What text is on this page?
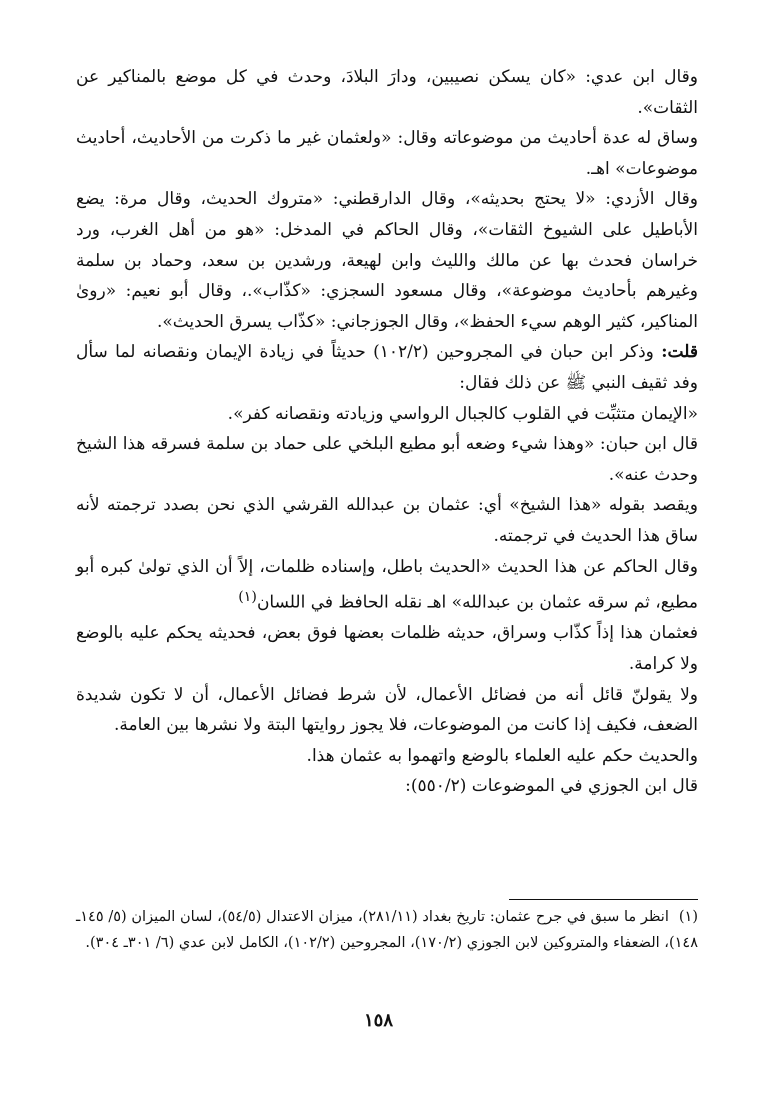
وقال ابن عدي: «كان يسكن نصيبين، ودارَ البلادَ، وحدث في كل موضع بالمناكير عن الثقات».

وساق له عدة أحاديث من موضوعاته وقال: «ولعثمان غير ما ذكرت من الأحاديث، أحاديث موضوعات» اهـ.

وقال الأزدي: «لا يحتج بحديثه»، وقال الدارقطني: «متروك الحديث، وقال مرة: يضع الأباطيل على الشيوخ الثقات»، وقال الحاكم في المدخل: «هو من أهل الغرب، ورد خراسان فحدث بها عن مالك والليث وابن لهيعة، ورشدين بن سعد، وحماد بن سلمة وغيرهم بأحاديث موضوعة»، وقال مسعود السجزي: «كذّاب».، وقال أبو نعيم: «روىٰ المناكير، كثير الوهم سيء الحفظ»، وقال الجوزجاني: «كذّاب يسرق الحديث».

قلت: وذكر ابن حبان في المجروحين (١٠٢/٢) حديثاً في زيادة الإيمان ونقصانه لما سأل وفد ثقيف النبي ﷺ عن ذلك فقال:

«الإيمان متثبِّت في القلوب كالجبال الرواسي وزيادته ونقصانه كفر».

قال ابن حبان: «وهذا شيء وضعه أبو مطيع البلخي على حماد بن سلمة فسرقه هذا الشيخ وحدث عنه».

ويقصد بقوله «هذا الشيخ» أي: عثمان بن عبدالله القرشي الذي نحن بصدد ترجمته لأنه ساق هذا الحديث في ترجمته.

وقال الحاكم عن هذا الحديث «الحديث باطل، وإسناده ظلمات، إلاً أن الذي تولىٰ كبره أبو مطيع، ثم سرقه عثمان بن عبدالله» اهـ نقله الحافظ في اللسان$^{(١)}$

فعثمان هذا إذاً كذّاب وسراق، حديثه ظلمات بعضها فوق بعض، فحديثه يحكم عليه بالوضع ولا كرامة.

ولا يقولنّ قائل أنه من فضائل الأعمال، لأن شرط فضائل الأعمال، أن لا تكون شديدة الضعف، فكيف إذا كانت من الموضوعات، فلا يجوز روايتها البتة ولا نشرها بين العامة.

والحديث حكم عليه العلماء بالوضع واتهموا به عثمان هذا.

قال ابن الجوزي في الموضوعات (٥٥٠/٢):

(١)انظر ما سبق في جرح عثمان: تاريخ بغداد (٢٨١/١١)، ميزان الاعتدال (٥٤/٥)، لسان الميزان (٥/ ١٤٥ـ ١٤٨)، الضعفاء والمتروكين لابن الجوزي (١٧٠/٢)، المجروحين (١٠٢/٢)، الكامل لابن عدي (٦/ ٣٠١ـ ٣٠٤).
١٥٨
